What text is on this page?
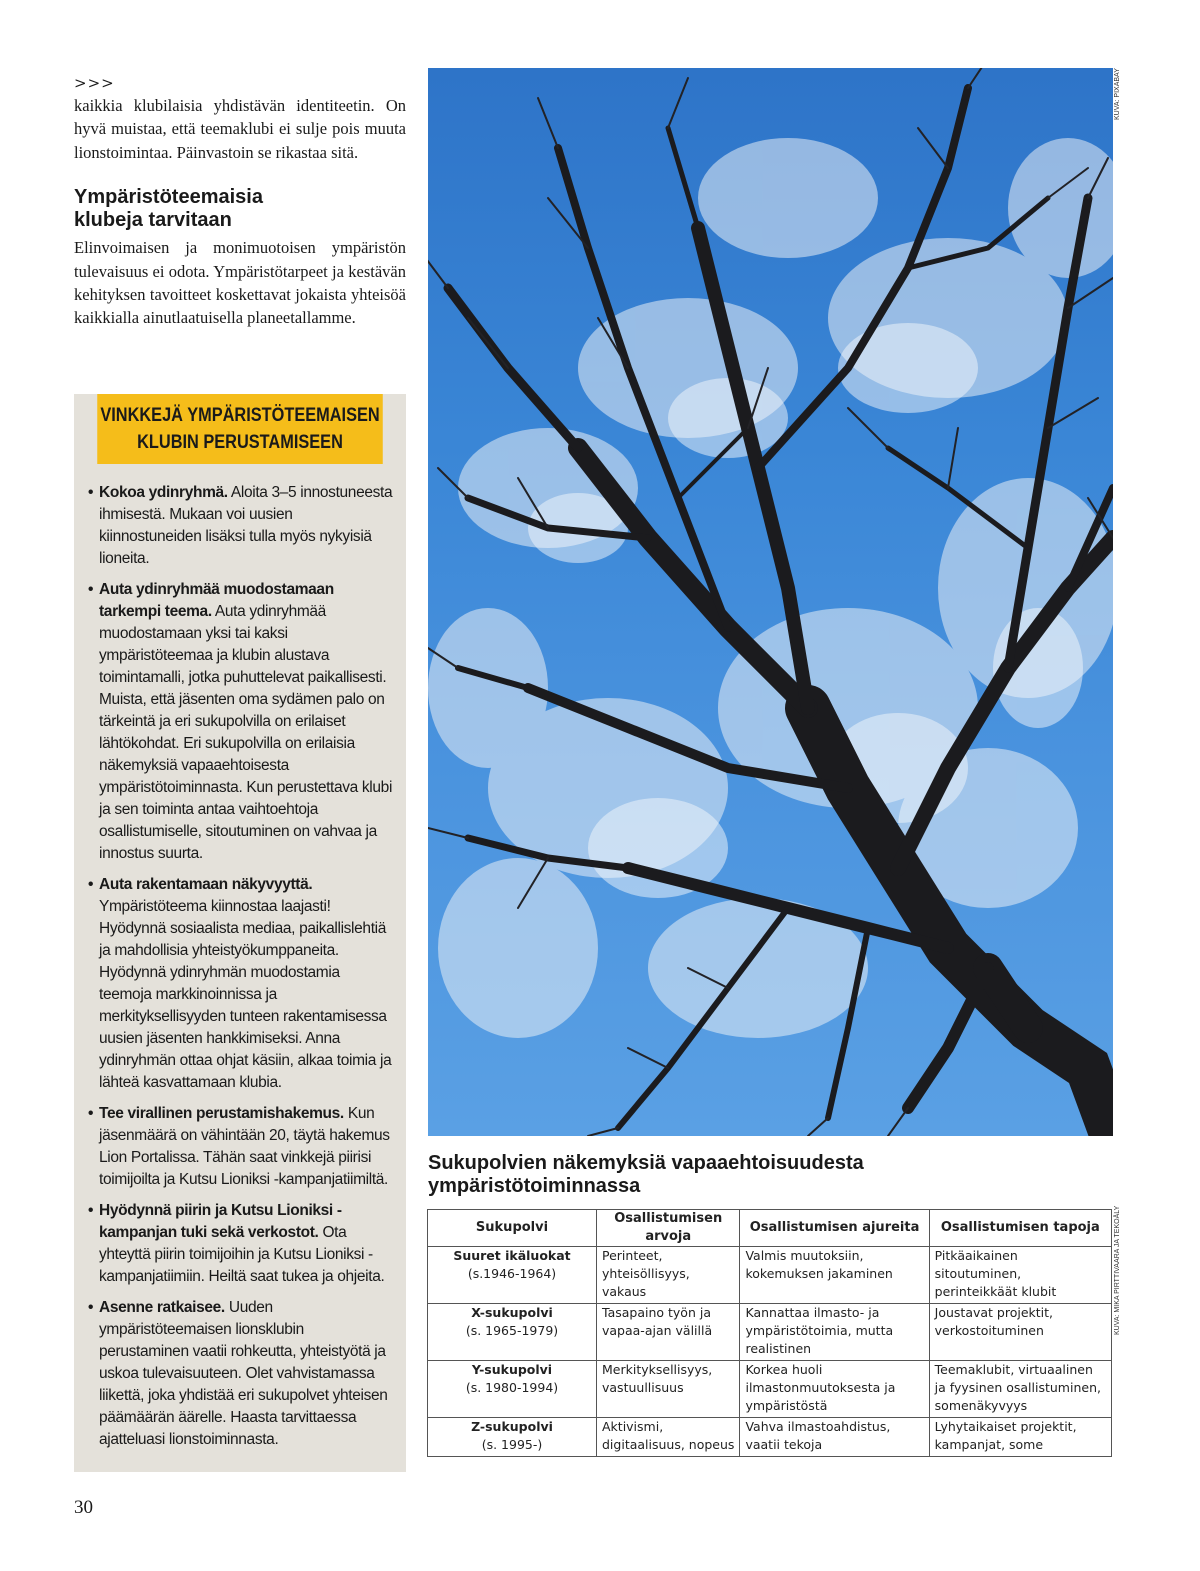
>>>

kaikkia klubilaisia yhdistävän identiteetin. On hyvä muistaa, että teemaklubi ei sulje pois muuta lionstoimintaa. Päinvastoin se rikastaa sitä.

Ympäristöteemaisia
klubeja tarvitaan

Elinvoimaisen ja monimuotoisen ympäristön tulevaisuus ei odota. Ympäristötarpeet ja kestävän kehityksen tavoitteet koskettavat jokaista yhteisöä kaikkialla ainutlaatuisella planeetallamme.

VINKKEJÄ YMPÄRISTÖTEEMAISEN
KLUBIN PERUSTAMISEEN
• Kokoa ydinryhmä. Aloita 3–5 innostuneesta ihmisestä. Mukaan voi uusien kiinnostuneiden lisäksi tulla myös nykyisiä lioneita.
• Auta ydinryhmää muodostamaan tarkempi teema. Auta ydinryhmää muodostamaan yksi tai kaksi ympäristöteemaa ja klubin alustava toimintamalli, jotka puhuttelevat paikallisesti. Muista, että jäsenten oma sydämen palo on tärkeintä ja eri sukupolvilla on erilaiset lähtökohdat. Eri sukupolvilla on erilaisia näkemyksiä vapaaehtoisesta ympäristötoiminnasta. Kun perustettava klubi ja sen toiminta antaa vaihtoehtoja osallistumiselle, sitoutuminen on vahvaa ja innostus suurta.
• Auta rakentamaan näkyvyyttä. Ympäristöteema kiinnostaa laajasti! Hyödynnä sosiaalista mediaa, paikallislehtiä ja mahdollisia yhteistyökumppaneita. Hyödynnä ydinryhmän muodostamia teemoja markkinoinnissa ja merkityksellisyyden tunteen rakentamisessa uusien jäsenten hankkimiseksi. Anna ydinryhmän ottaa ohjat käsiin, alkaa toimia ja lähteä kasvattamaan klubia.
• Tee virallinen perustamishakemus. Kun jäsenmäärä on vähintään 20, täytä hakemus Lion Portalissa. Tähän saat vinkkejä piirisi toimijoilta ja Kutsu Lioniksi -kampanjatiimiltä.
• Hyödynnä piirin ja Kutsu Lioniksi -kampanjan tuki sekä verkostot. Ota yhteyttä piirin toimijoihin ja Kutsu Lioniksi -kampanjatiimiin. Heiltä saat tukea ja ohjeita.
• Asenne ratkaisee. Uuden ympäristöteemaisen lionsklubin perustaminen vaatii rohkeutta, yhteistyötä ja uskoa tulevaisuuteen. Olet vahvistamassa liikettä, joka yhdistää eri sukupolvet yhteisen päämäärän äärelle. Haasta tarvittaessa ajatteluasi lionstoiminnasta.
30
KUVA: PIXABAY
Sukupolvien näkemyksiä vapaaehtoisuudesta
ympäristötoiminnassa
KUVA: MIKA PIRTTIVAARA JA TEKOÄLY
Sukupolvi	Osallistumisen arvoja	Osallistumisen ajureita	Osallistumisen tapoja

Suuret ikäluokat
(s.1946-1964)	Perinteet, yhteisöllisyys, vakaus	Valmis muutoksiin, kokemuksen jakaminen	Pitkäaikainen sitoutuminen, perinteikkäät klubit

X-sukupolvi
(s. 1965-1979)	Tasapaino työn ja vapaa-ajan välillä	Kannattaa ilmasto- ja ympäristötoimia, mutta realistinen	Joustavat projektit, verkostoituminen

Y-sukupolvi
(s. 1980-1994)	Merkityksellisyys, vastuullisuus	Korkea huoli ilmastonmuutoksesta ja ympäristöstä	Teemaklubit, virtuaalinen ja fyysinen osallistuminen, somenäkyvyys

Z-sukupolvi
(s. 1995-)	Aktivismi, digitaalisuus, nopeus	Vahva ilmastoahdistus, vaatii tekoja	Lyhytaikaiset projektit, kampanjat, some
